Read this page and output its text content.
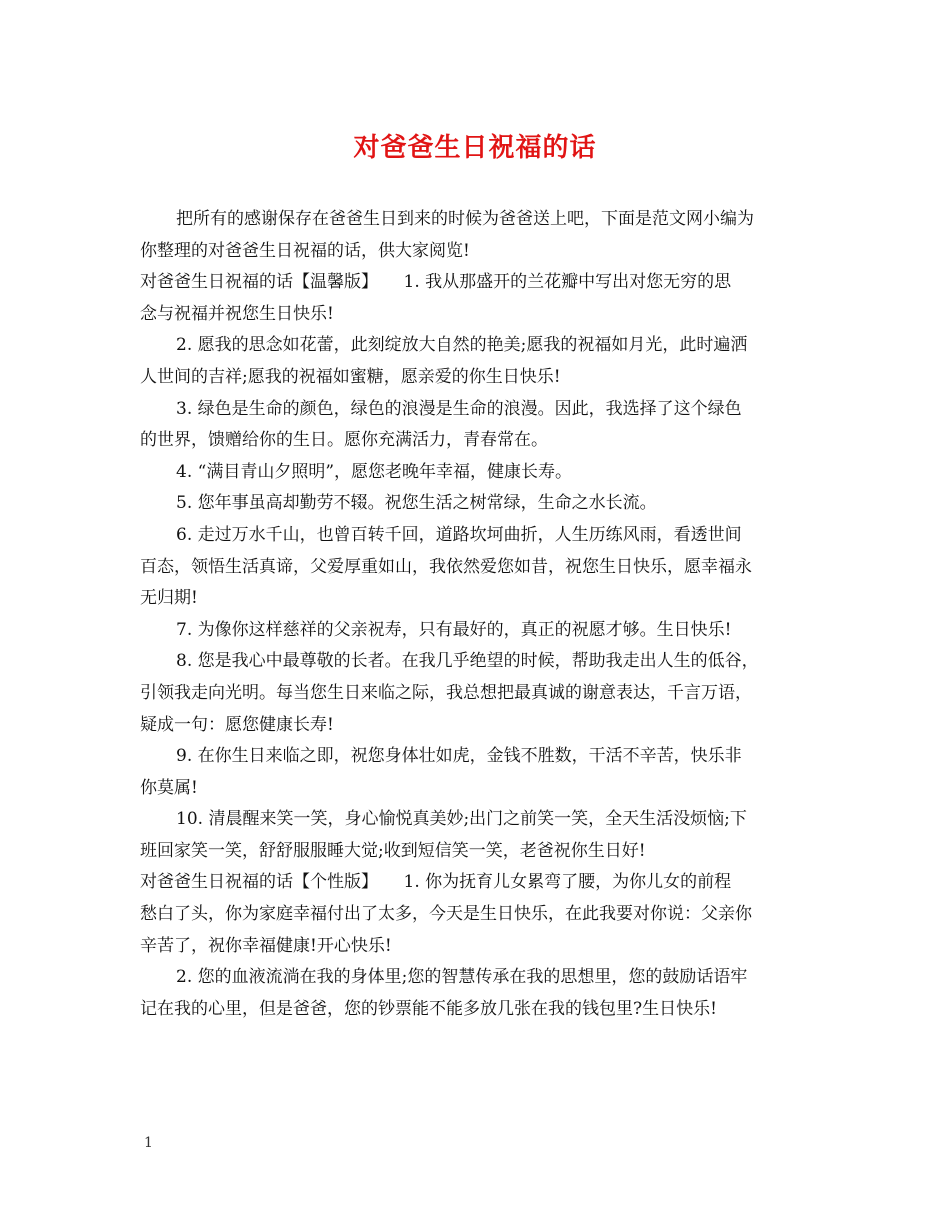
对爸爸生日祝福的话
把所有的感谢保存在爸爸生日到来的时候为爸爸送上吧，下面是范文网小编为
你整理的对爸爸生日祝福的话，供大家阅览!
对爸爸生日祝福的话【温馨版】　　1. 我从那盛开的兰花瓣中写出对您无穷的思
念与祝福并祝您生日快乐!
2. 愿我的思念如花蕾，此刻绽放大自然的艳美;愿我的祝福如月光，此时遍洒
人世间的吉祥;愿我的祝福如蜜糖，愿亲爱的你生日快乐!
3. 绿色是生命的颜色，绿色的浪漫是生命的浪漫。因此，我选择了这个绿色
的世界，馈赠给你的生日。愿你充满活力，青春常在。
4. “满目青山夕照明”，愿您老晚年幸福，健康长寿。
5. 您年事虽高却勤劳不辍。祝您生活之树常绿，生命之水长流。
6. 走过万水千山，也曾百转千回，道路坎坷曲折，人生历练风雨，看透世间
百态，领悟生活真谛，父爱厚重如山，我依然爱您如昔，祝您生日快乐，愿幸福永
无归期!
7. 为像你这样慈祥的父亲祝寿，只有最好的，真正的祝愿才够。生日快乐!
8. 您是我心中最尊敬的长者。在我几乎绝望的时候，帮助我走出人生的低谷，
引领我走向光明。每当您生日来临之际，我总想把最真诚的谢意表达，千言万语，
疑成一句：愿您健康长寿!
9. 在你生日来临之即，祝您身体壮如虎，金钱不胜数，干活不辛苦，快乐非
你莫属!
10. 清晨醒来笑一笑，身心愉悦真美妙;出门之前笑一笑，全天生活没烦恼;下
班回家笑一笑，舒舒服服睡大觉;收到短信笑一笑，老爸祝你生日好!
对爸爸生日祝福的话【个性版】　　1. 你为抚育儿女累弯了腰，为你儿女的前程
愁白了头，你为家庭幸福付出了太多，今天是生日快乐，在此我要对你说：父亲你
辛苦了，祝你幸福健康!开心快乐!
2. 您的血液流淌在我的身体里;您的智慧传承在我的思想里，您的鼓励话语牢
记在我的心里，但是爸爸，您的钞票能不能多放几张在我的钱包里?生日快乐!
1
